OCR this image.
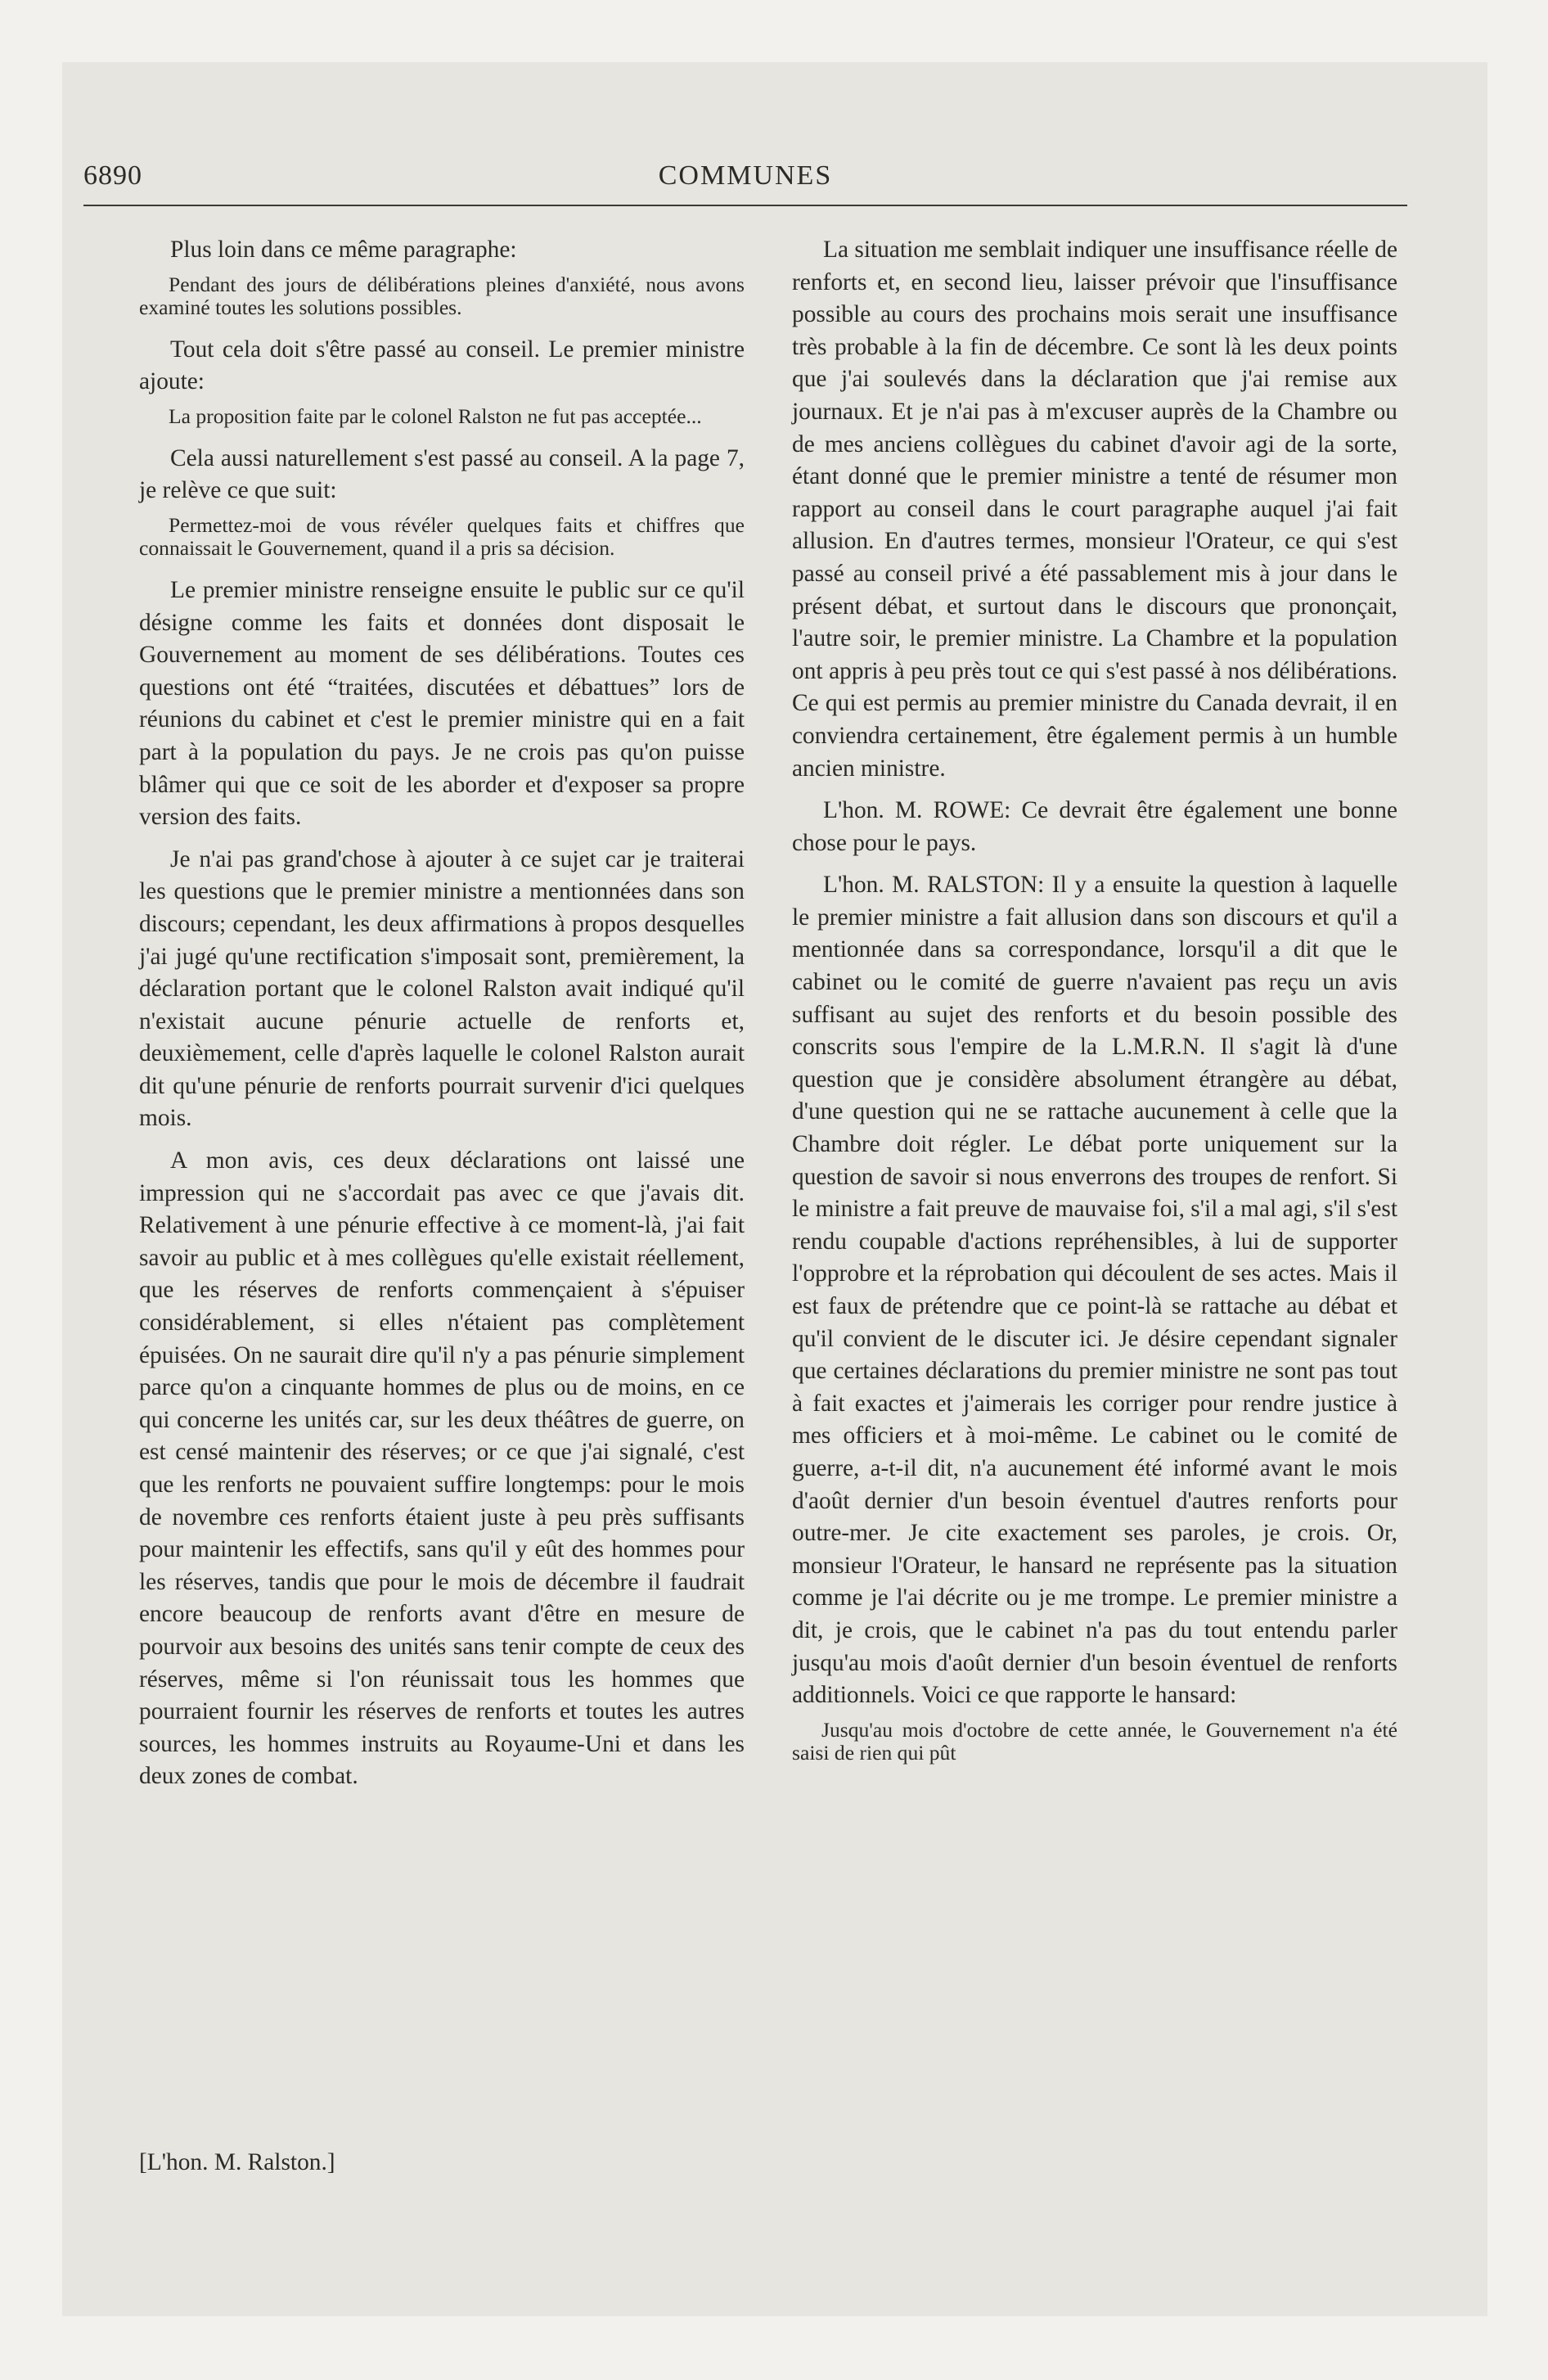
6890	COMMUNES

Plus loin dans ce même paragraphe:

Pendant des jours de délibérations pleines d'anxiété, nous avons examiné toutes les solutions possibles.

Tout cela doit s'être passé au conseil. Le premier ministre ajoute:

La proposition faite par le colonel Ralston ne fut pas acceptée...

Cela aussi naturellement s'est passé au conseil. A la page 7, je relève ce que suit:

Permettez-moi de vous révéler quelques faits et chiffres que connaissait le Gouvernement, quand il a pris sa décision.

Le premier ministre renseigne ensuite le public sur ce qu'il désigne comme les faits et données dont disposait le Gouvernement au moment de ses délibérations. Toutes ces questions ont été “traitées, discutées et débattues” lors de réunions du cabinet et c'est le premier ministre qui en a fait part à la population du pays. Je ne crois pas qu'on puisse blâmer qui que ce soit de les aborder et d'exposer sa propre version des faits.

Je n'ai pas grand'chose à ajouter à ce sujet car je traiterai les questions que le premier ministre a mentionnées dans son discours; cependant, les deux affirmations à propos desquelles j'ai jugé qu'une rectification s'imposait sont, premièrement, la déclaration portant que le colonel Ralston avait indiqué qu'il n'existait aucune pénurie actuelle de renforts et, deuxièmement, celle d'après laquelle le colonel Ralston aurait dit qu'une pénurie de renforts pourrait survenir d'ici quelques mois.

A mon avis, ces deux déclarations ont laissé une impression qui ne s'accordait pas avec ce que j'avais dit. Relativement à une pénurie effective à ce moment-là, j'ai fait savoir au public et à mes collègues qu'elle existait réellement, que les réserves de renforts commençaient à s'épuiser considérablement, si elles n'étaient pas complètement épuisées. On ne saurait dire qu'il n'y a pas pénurie simplement parce qu'on a cinquante hommes de plus ou de moins, en ce qui concerne les unités car, sur les deux théâtres de guerre, on est censé maintenir des réserves; or ce que j'ai signalé, c'est que les renforts ne pouvaient suffire longtemps: pour le mois de novembre ces renforts étaient juste à peu près suffisants pour maintenir les effectifs, sans qu'il y eût des hommes pour les réserves, tandis que pour le mois de décembre il faudrait encore beaucoup de renforts avant d'être en mesure de pourvoir aux besoins des unités sans tenir compte de ceux des réserves, même si l'on réunissait tous les hommes que pourraient fournir les réserves de renforts et toutes les autres sources, les hommes instruits au Royaume-Uni et dans les deux zones de combat.

[L'hon. M. Ralston.]

La situation me semblait indiquer une insuffisance réelle de renforts et, en second lieu, laisser prévoir que l'insuffisance possible au cours des prochains mois serait une insuffisance très probable à la fin de décembre. Ce sont là les deux points que j'ai soulevés dans la déclaration que j'ai remise aux journaux. Et je n'ai pas à m'excuser auprès de la Chambre ou de mes anciens collègues du cabinet d'avoir agi de la sorte, étant donné que le premier ministre a tenté de résumer mon rapport au conseil dans le court paragraphe auquel j'ai fait allusion. En d'autres termes, monsieur l'Orateur, ce qui s'est passé au conseil privé a été passablement mis à jour dans le présent débat, et surtout dans le discours que prononçait, l'autre soir, le premier ministre. La Chambre et la population ont appris à peu près tout ce qui s'est passé à nos délibérations. Ce qui est permis au premier ministre du Canada devrait, il en conviendra certainement, être également permis à un humble ancien ministre.

L'hon. M. ROWE: Ce devrait être également une bonne chose pour le pays.

L'hon. M. RALSTON: Il y a ensuite la question à laquelle le premier ministre a fait allusion dans son discours et qu'il a mentionnée dans sa correspondance, lorsqu'il a dit que le cabinet ou le comité de guerre n'avaient pas reçu un avis suffisant au sujet des renforts et du besoin possible des conscrits sous l'empire de la L.M.R.N. Il s'agit là d'une question que je considère absolument étrangère au débat, d'une question qui ne se rattache aucunement à celle que la Chambre doit régler. Le débat porte uniquement sur la question de savoir si nous enverrons des troupes de renfort. Si le ministre a fait preuve de mauvaise foi, s'il a mal agi, s'il s'est rendu coupable d'actions repréhensibles, à lui de supporter l'opprobre et la réprobation qui découlent de ses actes. Mais il est faux de prétendre que ce point-là se rattache au débat et qu'il convient de le discuter ici. Je désire cependant signaler que certaines déclarations du premier ministre ne sont pas tout à fait exactes et j'aimerais les corriger pour rendre justice à mes officiers et à moi-même. Le cabinet ou le comité de guerre, a-t-il dit, n'a aucunement été informé avant le mois d'août dernier d'un besoin éventuel d'autres renforts pour outre-mer. Je cite exactement ses paroles, je crois. Or, monsieur l'Orateur, le hansard ne représente pas la situation comme je l'ai décrite ou je me trompe. Le premier ministre a dit, je crois, que le cabinet n'a pas du tout entendu parler jusqu'au mois d'août dernier d'un besoin éventuel de renforts additionnels. Voici ce que rapporte le hansard:

Jusqu'au mois d'octobre de cette année, le Gouvernement n'a été saisi de rien qui pût
